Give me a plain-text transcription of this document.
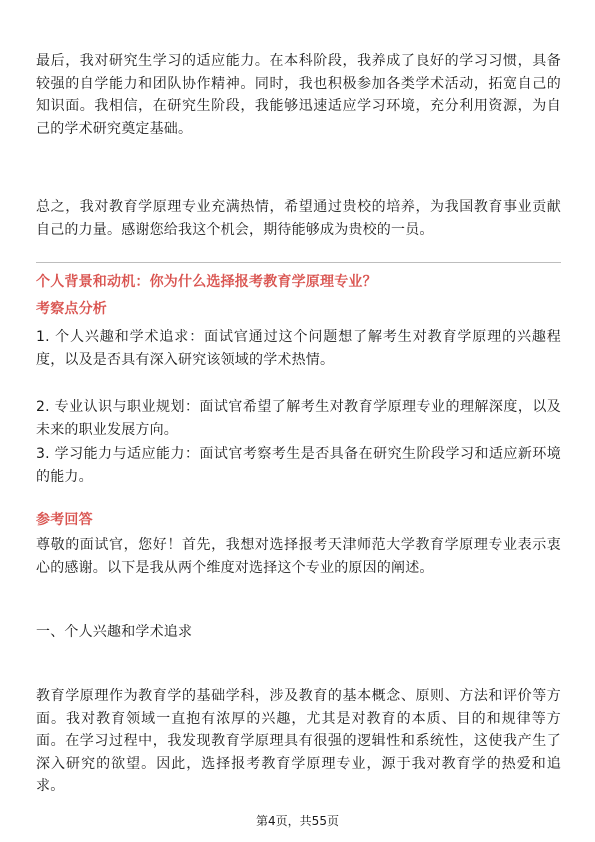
最后，我对研究生学习的适应能力。在本科阶段，我养成了良好的学习习惯，具备较强的自学能力和团队协作精神。同时，我也积极参加各类学术活动，拓宽自己的知识面。我相信，在研究生阶段，我能够迅速适应学习环境，充分利用资源，为自己的学术研究奠定基础。

总之，我对教育学原理专业充满热情，希望通过贵校的培养，为我国教育事业贡献自己的力量。感谢您给我这个机会，期待能够成为贵校的一员。

个人背景和动机：你为什么选择报考教育学原理专业？

考察点分析

1. 个人兴趣和学术追求：面试官通过这个问题想了解考生对教育学原理的兴趣程度，以及是否具有深入研究该领域的学术热情。

2. 专业认识与职业规划：面试官希望了解考生对教育学原理专业的理解深度，以及未来的职业发展方向。

3. 学习能力与适应能力：面试官考察考生是否具备在研究生阶段学习和适应新环境的能力。

参考回答

尊敬的面试官，您好！首先，我想对选择报考天津师范大学教育学原理专业表示衷心的感谢。以下是我从两个维度对选择这个专业的原因的阐述。

一、个人兴趣和学术追求

教育学原理作为教育学的基础学科，涉及教育的基本概念、原则、方法和评价等方面。我对教育领域一直抱有浓厚的兴趣，尤其是对教育的本质、目的和规律等方面。在学习过程中，我发现教育学原理具有很强的逻辑性和系统性，这使我产生了深入研究的欲望。因此，选择报考教育学原理专业，源于我对教育学的热爱和追求。

第4页，共55页
